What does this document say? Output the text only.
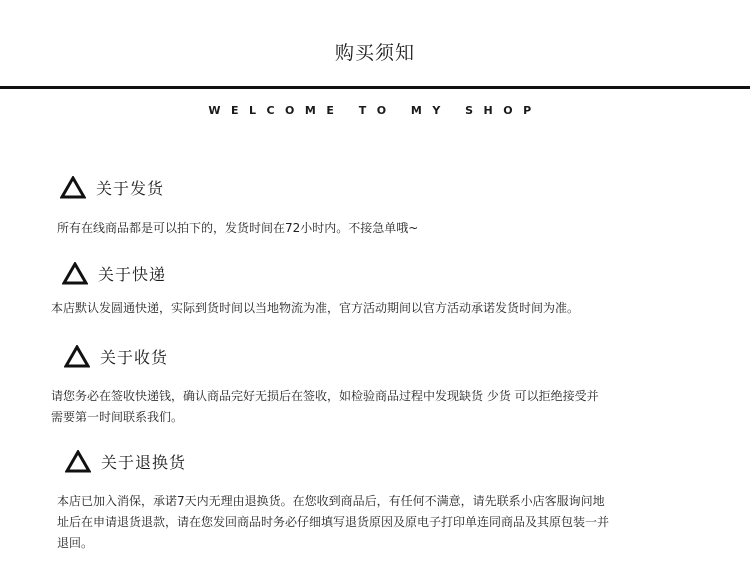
购买须知
WELCOME TO MY SHOP
关于发货
所有在线商品都是可以拍下的，发货时间在72小时内。不接急单哦~
关于快递
本店默认发圆通快递，实际到货时间以当地物流为准，官方活动期间以官方活动承诺发货时间为准。
关于收货
请您务必在签收快递钱，确认商品完好无损后在签收，如检验商品过程中发现缺货 少货 可以拒绝接受并
需要第一时间联系我们。
关于退换货
本店已加入消保，承诺7天内无理由退换货。在您收到商品后，有任何不满意，请先联系小店客服询问地
址后在申请退货退款，请在您发回商品时务必仔细填写退货原因及原电子打印单连同商品及其原包装一并
退回。
